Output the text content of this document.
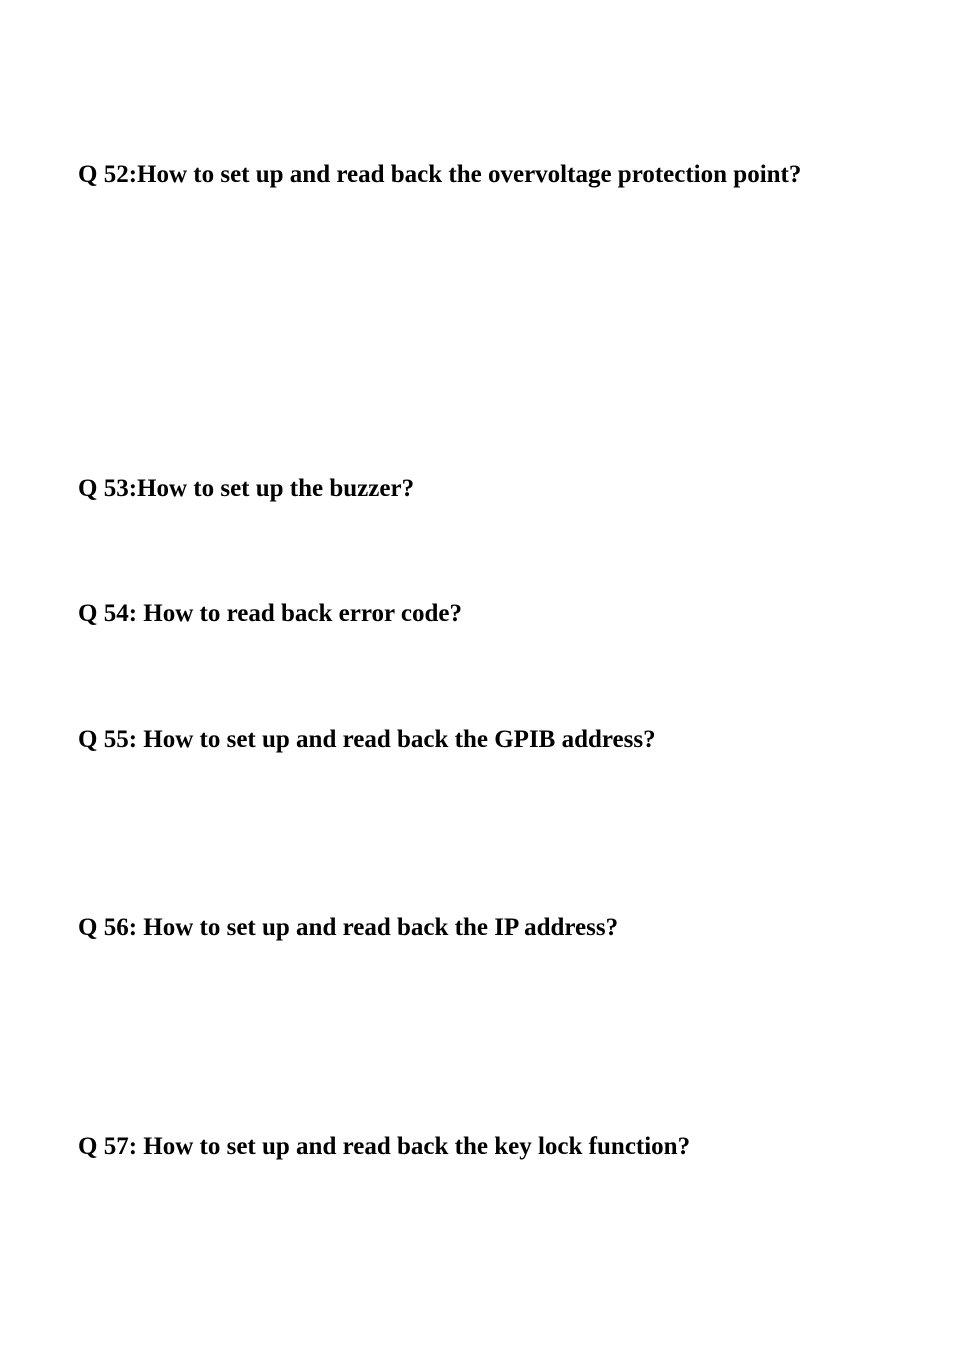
Q 52:How to set up and read back the overvoltage protection point?
Q 53:How to set up the buzzer?
Q 54: How to read back error code?
Q 55: How to set up and read back the GPIB address?
Q 56: How to set up and read back the IP address?
Q 57: How to set up and read back the key lock function?
